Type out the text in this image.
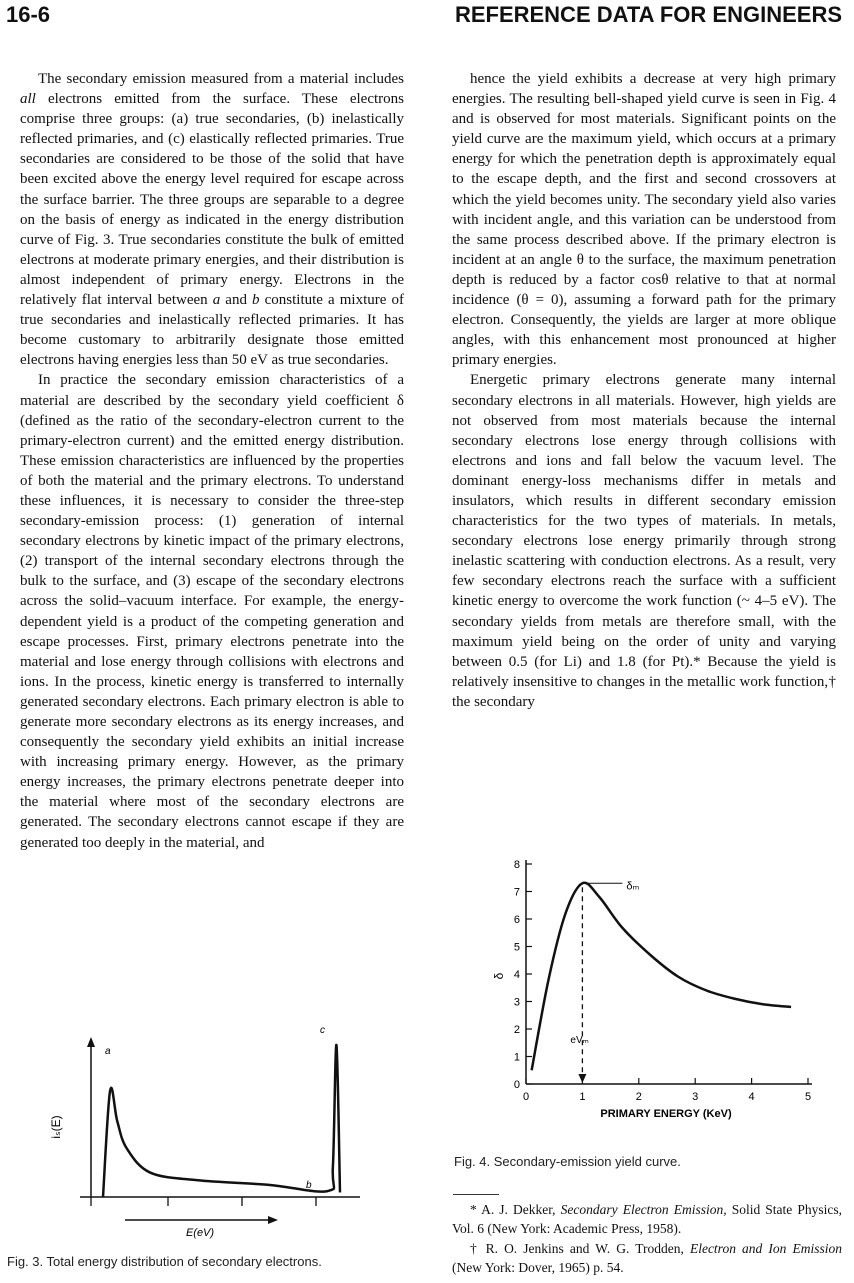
16-6	REFERENCE DATA FOR ENGINEERS

The secondary emission measured from a material includes all electrons emitted from the surface. These electrons comprise three groups: (a) true secondaries, (b) inelastically reflected primaries, and (c) elastically reflected primaries. True secondaries are considered to be those of the solid that have been excited above the energy level required for escape across the surface barrier. The three groups are separable to a degree on the basis of energy as indicated in the energy distribution curve of Fig. 3. True secondaries constitute the bulk of emitted electrons at moderate primary energies, and their distribution is almost independent of primary energy. Electrons in the relatively flat interval between a and b constitute a mixture of true secondaries and inelastically reflected primaries. It has become customary to arbitrarily designate those emitted electrons having energies less than 50 eV as true secondaries.

In practice the secondary emission characteristics of a material are described by the secondary yield coefficient δ (defined as the ratio of the secondary-electron current to the primary-electron current) and the emitted energy distribution. These emission characteristics are influenced by the properties of both the material and the primary electrons. To understand these influences, it is necessary to consider the three-step secondary-emission process: (1) generation of internal secondary electrons by kinetic impact of the primary electrons, (2) transport of the internal secondary electrons through the bulk to the surface, and (3) escape of the secondary electrons across the solid–vacuum interface. For example, the energy-dependent yield is a product of the competing generation and escape processes. First, primary electrons penetrate into the material and lose energy through collisions with electrons and ions. In the process, kinetic energy is transferred to internally generated secondary electrons. Each primary electron is able to generate more secondary electrons as its energy increases, and consequently the secondary yield exhibits an initial increase with increasing primary energy. However, as the primary energy increases, the primary electrons penetrate deeper into the material where most of the secondary electrons are generated. The secondary electrons cannot escape if they are generated too deeply in the material, and

hence the yield exhibits a decrease at very high primary energies. The resulting bell-shaped yield curve is seen in Fig. 4 and is observed for most materials. Significant points on the yield curve are the maximum yield, which occurs at a primary energy for which the penetration depth is approximately equal to the escape depth, and the first and second crossovers at which the yield becomes unity. The secondary yield also varies with incident angle, and this variation can be understood from the same process described above. If the primary electron is incident at an angle θ to the surface, the maximum penetration depth is reduced by a factor cosθ relative to that at normal incidence (θ = 0), assuming a forward path for the primary electron. Consequently, the yields are larger at more oblique angles, with this enhancement most pronounced at higher primary energies.

Energetic primary electrons generate many internal secondary electrons in all materials. However, high yields are not observed from most materials because the internal secondary electrons lose energy through collisions with electrons and ions and fall below the vacuum level. The dominant energy-loss mechanisms differ in metals and insulators, which results in different secondary emission characteristics for the two types of materials. In metals, secondary electrons lose energy primarily through strong inelastic scattering with conduction electrons. As a result, very few secondary electrons reach the surface with a sufficient kinetic energy to overcome the work function (~ 4–5 eV). The secondary yields from metals are therefore small, with the maximum yield being on the order of unity and varying between 0.5 (for Li) and 1.8 (for Pt).* Because the yield is relatively insensitive to changes in the metallic work function,† the secondary

iₛ(E)
E(eV)
a
b
c
Fig. 3. Total energy distribution of secondary electrons.
0
1
2
3
4
5
6
7
8
0	1	2	3	4	5
δₘ
eVₘ
δ
PRIMARY ENERGY (KeV)
Fig. 4. Secondary-emission yield curve.

* A. J. Dekker, Secondary Electron Emission, Solid State Physics, Vol. 6 (New York: Academic Press, 1958).

† R. O. Jenkins and W. G. Trodden, Electron and Ion Emission (New York: Dover, 1965) p. 54.
